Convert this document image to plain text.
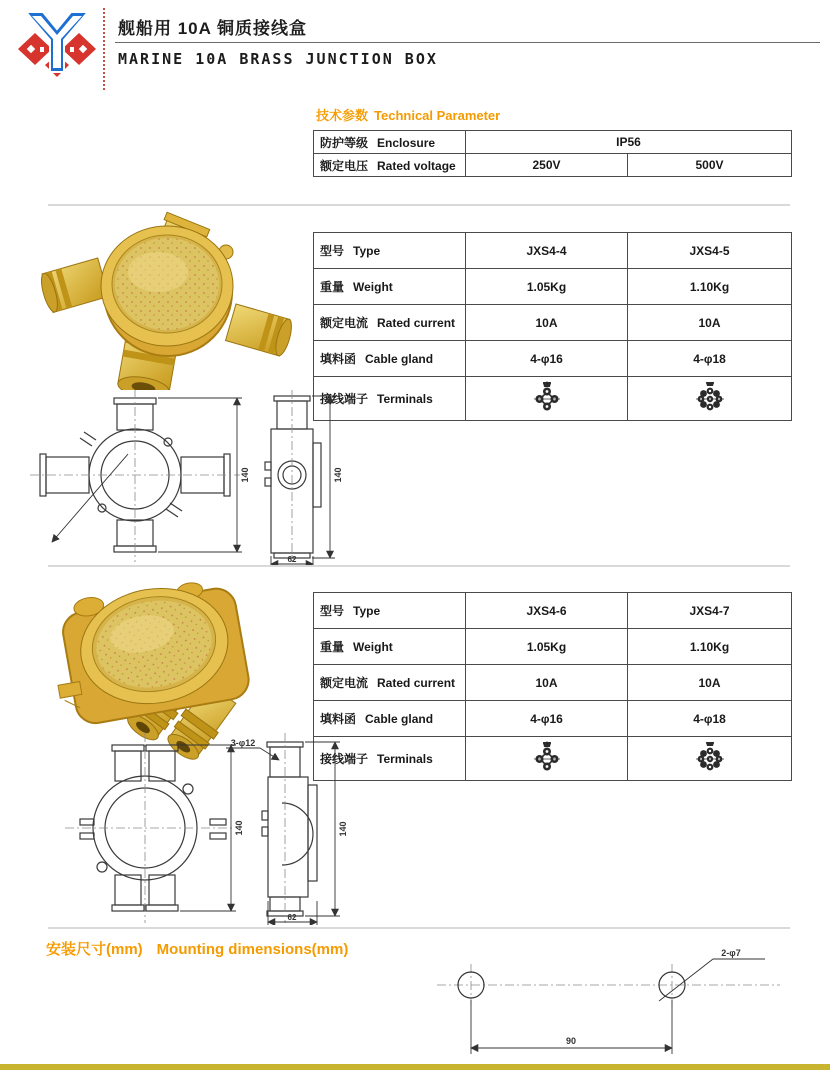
舰船用 10A 铜质接线盒
MARINE 10A BRASS JUNCTION BOX
技术参数 Technical Parameter
防护等级 Enclosure	IP56	
额定电压 Rated voltage	250V	500V
型号 Type	JXS4-4	JXS4-5
重量 Weight	1.05Kg	1.10Kg
额定电流 Rated current	10A	10A
填料函 Cable gland	4-φ16	4-φ18
接线端子 Terminals		
140	140
62
型号 Type	JXS4-6	JXS4-7
重量 Weight	1.05Kg	1.10Kg
额定电流 Rated current	10A	10A
填料函 Cable gland	4-φ16	4-φ18
接线端子 Terminals		
3-φ12
140	140
62
安装尺寸(mm) Mounting dimensions(mm)	2-φ7
90
